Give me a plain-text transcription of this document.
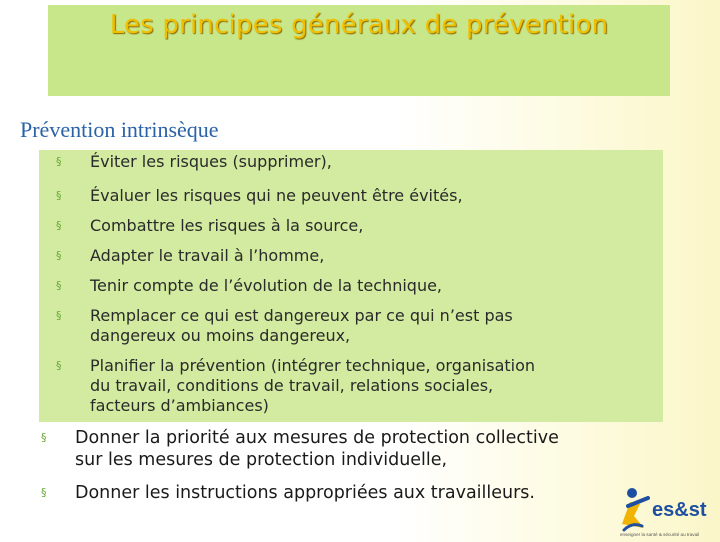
Les principes généraux de prévention
Prévention intrinsèque
§	Éviter les risques (supprimer),
§	Évaluer les risques qui ne peuvent être évités,
§	Combattre les risques à la source,
§	Adapter le travail à l’homme,
§	Tenir compte de l’évolution de la technique,
§	Remplacer ce qui est dangereux par ce qui n’est pas
dangereux ou moins dangereux,
§	Planifier la prévention (intégrer technique, organisation
du travail, conditions de travail, relations sociales,
facteurs d’ambiances)
§	Donner la priorité aux mesures de protection collective
sur les mesures de protection individuelle,
§	Donner les instructions appropriées aux travailleurs.
es&st
enseigner la santé & sécurité au travail
